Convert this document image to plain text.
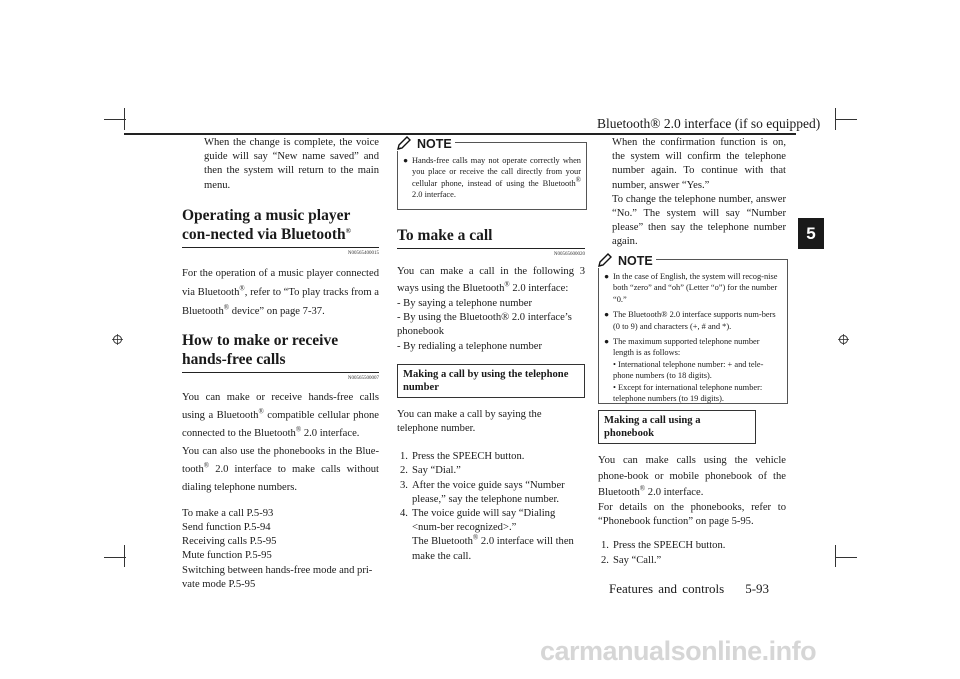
Bluetooth® 2.0 interface (if so equipped)
5

When the change is complete, the voice guide will say “New name saved” and then the system will return to the main menu.

Operating a music player con-nected via Bluetooth®
N00565400015

For the operation of a music player connected via Bluetooth®, refer to “To play tracks from a Bluetooth® device” on page 7-37.

How to make or receive hands-free calls
N00565500007

You can make or receive hands-free calls using a Bluetooth® compatible cellular phone connected to the Bluetooth® 2.0 interface.

You can also use the phonebooks in the Blue-tooth® 2.0 interface to make calls without dialing telephone numbers.

To make a call P.5-93
Send function P.5-94
Receiving calls P.5-95
Mute function P.5-95
Switching between hands-free mode and pri-vate mode P.5-95
NOTE
● Hands-free calls may not operate correctly when you place or receive the call directly from your cellular phone, instead of using the Bluetooth® 2.0 interface.
To make a call
N00565600020

You can make a call in the following 3 ways using the Bluetooth® 2.0 interface:

- By saying a telephone number
- By using the Bluetooth® 2.0 interface’s phonebook
- By redialing a telephone number
Making a call by using the telephone number

You can make a call by saying the telephone number.

1. Press the SPEECH button.
2. Say “Dial.”
3. After the voice guide says “Number please,” say the telephone number.
4. The voice guide will say “Dialing <num-ber recognized>.”
The Bluetooth® 2.0 interface will then make the call.

When the confirmation function is on, the system will confirm the telephone number again. To continue with that number, answer “Yes.”

To change the telephone number, answer “No.” The system will say “Number please” then say the telephone number again.

NOTE
● In the case of English, the system will recog-nise both “zero” and “oh” (Letter “o”) for the number “0.”
● The Bluetooth® 2.0 interface supports num-bers (0 to 9) and characters (+, # and *).
● The maximum supported telephone number length is as follows:
• International telephone number: + and tele-phone numbers (to 18 digits).
• Except for international telephone number: telephone numbers (to 19 digits).
Making a call using a phonebook

You can make calls using the vehicle phone-book or mobile phonebook of the Bluetooth® 2.0 interface.

For details on the phonebooks, refer to “Phonebook function” on page 5-95.

1. Press the SPEECH button.
2. Say “Call.”
Features and controls 5-93
carmanualsonline.info
